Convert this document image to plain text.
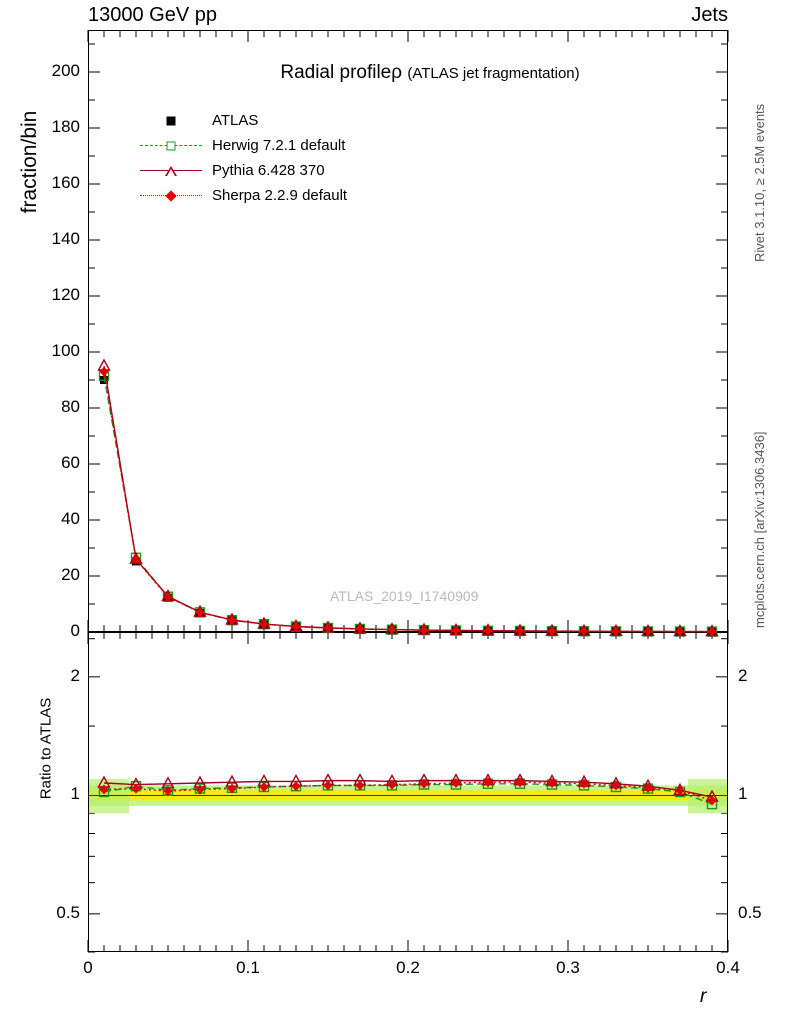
13000 GeV pp	Jets
Rivet 3.1.10, ≥ 2.5M events
mcplots.cern.ch [arXiv:1306.3436]
fraction/bin
Ratio to ATLAS
r
Radial profileρ (ATLAS jet fragmentation)
ATLAS
Herwig 7.2.1 default
Pythia 6.428 370
Sherpa 2.2.9 default
ATLAS_2019_I1740909
0
20
40
60
80
100
120
140
160
180
200
0.5
1
2
0.5
1
2
0	0.1	0.2	0.3	0.4
